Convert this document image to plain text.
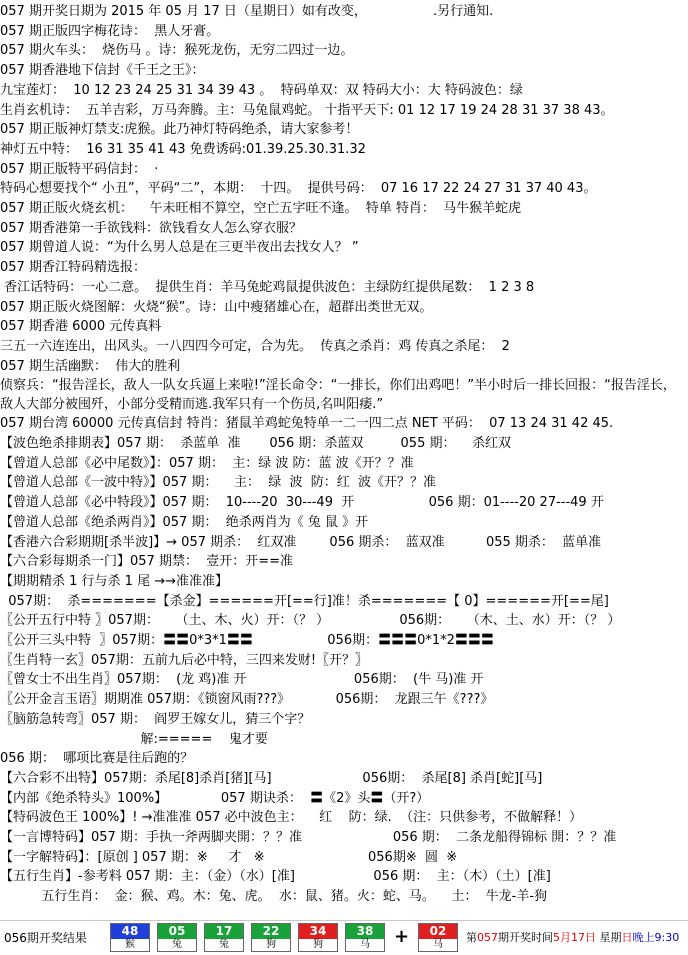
057 期开奖日期为 2015 年 05 月 17 日（星期日）如有改变，                .另行通知.
057 期正版四字梅花诗：  黑人牙膏。
057 期火车头：  烧伤马 。诗：猴死龙伤，无穷二四过一边。
057 期香港地下信封《千王之王》：
九宝莲灯：  10 12 23 24 25 31 34 39 43 。  特码单双：双 特码大小：大 特码波色：绿
生肖玄机诗：  五羊吉彩，万马奔腾。主：马兔鼠鸡蛇。 十指平天下: 01 12 17 19 24 28 31 37 38 43。
057 期正版神灯禁支:虎猴。此乃神灯特码绝杀，请大家参考！
神灯五中特：  16 31 35 41 43 免费诱码:01.39.25.30.31.32
057 期正版特平码信封：  ·
特码心想要找个“ 小丑”，平码“二”，本期：  十四。  提供号码：  07 16 17 22 24 27 31 37 40 43。
057 期正版火烧玄机：    午未旺相不算空，空亡五字旺不逢。  特单 特肖：  马牛猴羊蛇虎
057 期香港第一手欲钱料：欲钱看女人怎么穿衣服？
057 期曾道人说：“为什么男人总是在三更半夜出去找女人？ ”
057 期香江特码精选报：
香江话特码：一心二意。  提供生肖：羊马兔蛇鸡鼠提供波色：主绿防红提供尾数：  1 2 3 8
057 期正版火烧图解：火烧“猴”。诗：山中瘦猪雄心在，超群出类世无双。
057 期香港 6000 元传真料
三五一六连连出，出风头。一八四四今可定，合为先。  传真之杀肖：鸡 传真之杀尾：  2
057 期生活幽默：  伟大的胜利
侦察兵：“报告淫长，敌人一队女兵逼上来啦!”淫长命令：“一排长，你们出鸡吧！”半小时后一排长回报：“报告淫长，敌人大部分被囤歼，小部分受精而逃.我军只有一个伤员,名叫阳痿.”
057 期台湾 60000 元传真信封 特肖：猪鼠羊鸡蛇兔特单一二一四二点 NET 平码：  07 13 24 31 42 45.
【波色绝杀排期表】057 期：  杀蓝单  准       056 期：杀蓝双         055 期：    杀红双
【曾道人总部《必中尾数》】：057 期：  主：绿 波 防：蓝 波《开？？准
【曾道人总部《一波中特》】057 期：    主：  绿  波  防：红  波《开？？准
【曾道人总部《必中特段》】057 期：  10----20  30---49  开                  056 期：01----20 27---49 开
【曾道人总部《绝杀两肖》】057 期：  绝杀两肖为《 兔 鼠 》开
【香港六合彩期期[杀半波]】→ 057 期杀：  红双准        056 期杀：  蓝双准          055 期杀：  蓝单准
【六合彩每期杀一门】057 期禁：  壹开：开==准
【期期精杀 1 行与杀 1 尾 →→准准准】
057期：  杀=======【杀金】======开[==行]准！杀=======【 0】======开[==尾]
〖公开五行中特 〗057期：    （土、木、火）开：（？ ）                 056期：    （木、土、水）开：（？ ）
〖公开三头中特  〗057期：〓〓0*3*1〓〓                  056期：〓〓〓0*1*2〓〓〓
〖生肖特一玄〗057期：五前九后必中特，三四来发财!〖开？〗
〖曾女士不出生肖〗057期：  (龙 鸡)准 开                          056期：  (牛 马)准 开
〖公开金言玉语〗期期准 057期：《锁窗风雨???》           056期：  龙跟三午《???》
〖脑筋急转弯〗057 期：  阎罗王嫁女儿，猜三个字？
解:=====    鬼才要
056 期：  哪项比赛是往后跑的？
【六合彩不出特】057期：杀尾[8]杀肖[猪][马]                      056期：  杀尾[8] 杀肖[蛇][马]
【内部《绝杀特头》100%】             057 期诀杀：  〓《2》头〓（开?）
【特码波色王 100%】! →准准准 057 必中波色主：    红    防：绿.  （注：只供参考，不做解释！）
【一言博特码】057 期：手执一斧两脚夹開：？？准                      056 期：  二条龙船得锦标 開：？？准
【一字解特码】：[原创 ] 057 期：※     才   ※                         056期※  圆  ※
【五行生肖】-参考料 057 期：主：（金）（水）[准]                   056 期：  主：（木）（土）[准]
五行生肖：  金：猴、鸡。木：兔、虎。  水：鼠、猪。火：蛇、马。    土：  牛龙-羊-狗
056期开奖结果	48
猴
05
兔
17
兔
22
狗
34
狗
38
马
02
马
+	第057期开奖时间5月17日 星期日晚上9:30
